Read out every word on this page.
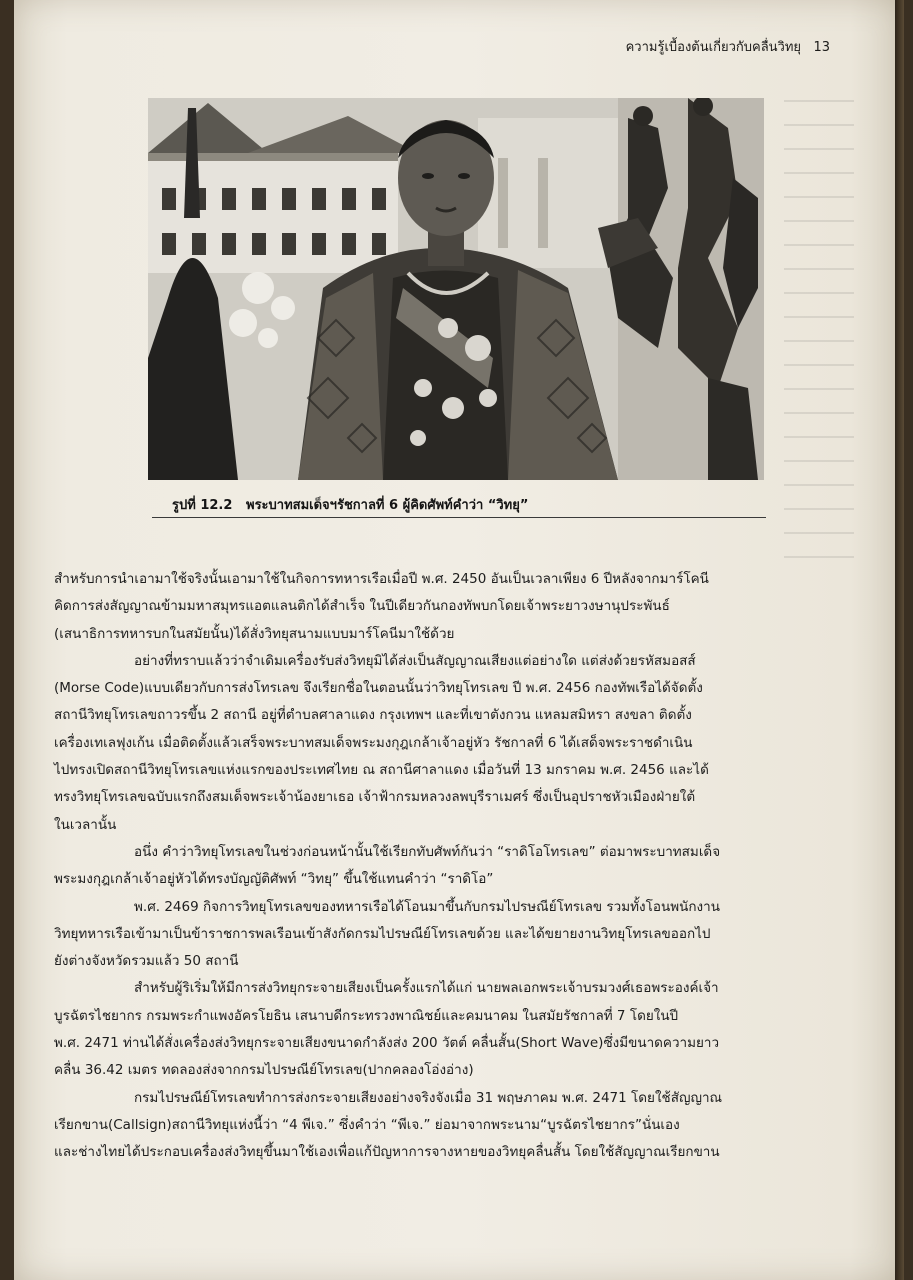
ความรู้เบื้องต้นเกี่ยวกับคลื่นวิทยุ 13
รูปที่ 12.2 พระบาทสมเด็จฯรัชกาลที่ 6 ผู้คิดศัพท์คำว่า “วิทยุ”

สำหรับการนำเอามาใช้จริงนั้นเอามาใช้ในกิจการทหารเรือเมื่อปี พ.ศ. 2450 อันเป็นเวลาเพียง 6 ปีหลังจากมาร์โคนี
คิดการส่งสัญญาณข้ามมหาสมุทรแอตแลนติกได้สำเร็จ ในปีเดียวกันกองทัพบกโดยเจ้าพระยาวงษานุประพันธ์
(เสนาธิการทหารบกในสมัยนั้น)ได้สั่งวิทยุสนามแบบมาร์โคนีมาใช้ด้วย

อย่างที่ทราบแล้วว่าจำเดิมเครื่องรับส่งวิทยุมิได้ส่งเป็นสัญญาณเสียงแต่อย่างใด แต่ส่งด้วยรหัสมอสส์
(Morse Code)แบบเดียวกับการส่งโทรเลข จึงเรียกชื่อในตอนนั้นว่าวิทยุโทรเลข ปี พ.ศ. 2456 กองทัพเรือได้จัดตั้ง
สถานีวิทยุโทรเลขถาวรขึ้น 2 สถานี อยู่ที่ตำบลศาลาแดง กรุงเทพฯ และที่เขาตังกวน แหลมสมิหรา สงขลา ติดตั้ง
เครื่องเทเลฟุงเก้น เมื่อติดตั้งแล้วเสร็จพระบาทสมเด็จพระมงกุฎเกล้าเจ้าอยู่หัว รัชกาลที่ 6 ได้เสด็จพระราชดำเนิน
ไปทรงเปิดสถานีวิทยุโทรเลขแห่งแรกของประเทศไทย ณ สถานีศาลาแดง เมื่อวันที่ 13 มกราคม พ.ศ. 2456 และได้
ทรงวิทยุโทรเลขฉบับแรกถึงสมเด็จพระเจ้าน้องยาเธอ เจ้าฟ้ากรมหลวงลพบุรีราเมศร์ ซึ่งเป็นอุปราชหัวเมืองฝ่ายใต้
ในเวลานั้น

อนึ่ง คำว่าวิทยุโทรเลขในช่วงก่อนหน้านั้นใช้เรียกทับศัพท์กันว่า “ราดิโอโทรเลข” ต่อมาพระบาทสมเด็จ
พระมงกุฎเกล้าเจ้าอยู่หัวได้ทรงบัญญัติศัพท์ “วิทยุ” ขึ้นใช้แทนคำว่า “ราดิโอ”

พ.ศ. 2469 กิจการวิทยุโทรเลขของทหารเรือได้โอนมาขึ้นกับกรมไปรษณีย์โทรเลข รวมทั้งโอนพนักงาน
วิทยุทหารเรือเข้ามาเป็นข้าราชการพลเรือนเข้าสังกัดกรมไปรษณีย์โทรเลขด้วย และได้ขยายงานวิทยุโทรเลขออกไป
ยังต่างจังหวัดรวมแล้ว 50 สถานี

สำหรับผู้ริเริ่มให้มีการส่งวิทยุกระจายเสียงเป็นครั้งแรกได้แก่ นายพลเอกพระเจ้าบรมวงศ์เธอพระองค์เจ้า
บูรฉัตรไชยากร กรมพระกำแพงอัครโยธิน เสนาบดีกระทรวงพาณิชย์และคมนาคม ในสมัยรัชกาลที่ 7 โดยในปี
พ.ศ. 2471 ท่านได้สั่งเครื่องส่งวิทยุกระจายเสียงขนาดกำลังส่ง 200 วัตต์ คลื่นสั้น(Short Wave)ซึ่งมีขนาดความยาว
คลื่น 36.42 เมตร ทดลองส่งจากกรมไปรษณีย์โทรเลข(ปากคลองโอ่งอ่าง)

กรมไปรษณีย์โทรเลขทำการส่งกระจายเสียงอย่างจริงจังเมื่อ 31 พฤษภาคม พ.ศ. 2471 โดยใช้สัญญาณ
เรียกขาน(Callsign)สถานีวิทยุแห่งนี้ว่า “4 พีเจ.” ซึ่งคำว่า “พีเจ.” ย่อมาจากพระนาม“บูรฉัตรไชยากร”นั่นเอง
และช่างไทยได้ประกอบเครื่องส่งวิทยุขึ้นมาใช้เองเพื่อแก้ปัญหาการจางหายของวิทยุคลื่นสั้น โดยใช้สัญญาณเรียกขาน
